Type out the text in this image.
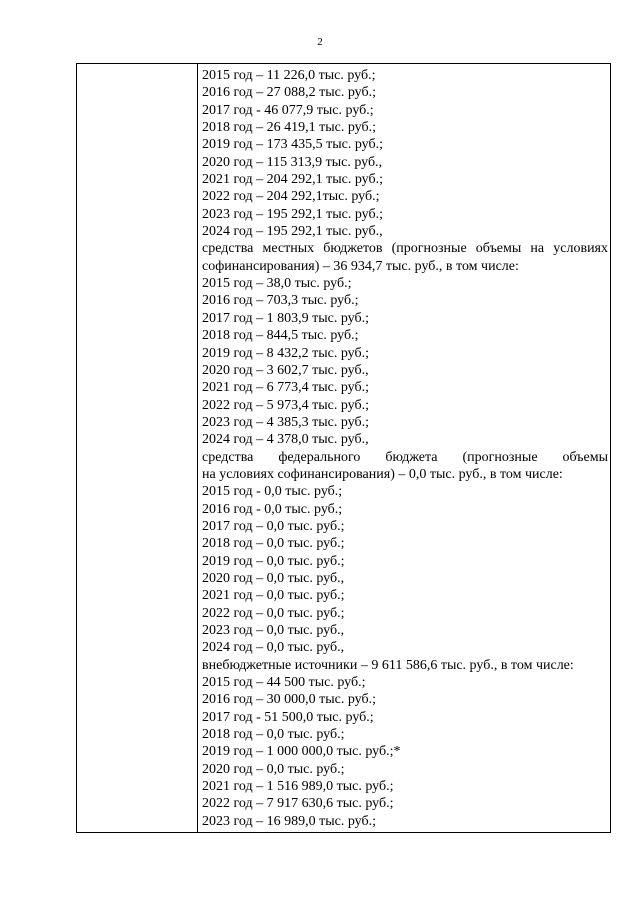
2
2015 год – 11 226,0 тыс. руб.;
2016 год – 27 088,2 тыс. руб.;
2017 год - 46 077,9 тыс. руб.;
2018 год – 26 419,1 тыс. руб.;
2019 год – 173 435,5 тыс. руб.;
2020 год – 115 313,9 тыс. руб.,
2021 год – 204 292,1 тыс. руб.;
2022 год – 204 292,1тыс. руб.;
2023 год – 195 292,1 тыс. руб.;
2024 год – 195 292,1 тыс. руб.,
средства местных бюджетов (прогнозные объемы на условиях
софинансирования) – 36 934,7 тыс. руб., в том числе:
2015 год – 38,0 тыс. руб.;
2016 год – 703,3 тыс. руб.;
2017 год – 1 803,9 тыс. руб.;
2018 год – 844,5 тыс. руб.;
2019 год – 8 432,2 тыс. руб.;
2020 год – 3 602,7 тыс. руб.,
2021 год – 6 773,4 тыс. руб.;
2022 год – 5 973,4 тыс. руб.;
2023 год – 4 385,3 тыс. руб.;
2024 год – 4 378,0 тыс. руб.,
средства федерального бюджета (прогнозные объемы
на условиях софинансирования) – 0,0 тыс. руб., в том числе:
2015 год - 0,0 тыс. руб.;
2016 год - 0,0 тыс. руб.;
2017 год – 0,0 тыс. руб.;
2018 год – 0,0 тыс. руб.;
2019 год – 0,0 тыс. руб.;
2020 год – 0,0 тыс. руб.,
2021 год – 0,0 тыс. руб.;
2022 год – 0,0 тыс. руб.;
2023 год – 0,0 тыс. руб.,
2024 год – 0,0 тыс. руб.,
внебюджетные источники – 9 611 586,6 тыс. руб., в том числе:
2015 год – 44 500 тыс. руб.;
2016 год – 30 000,0 тыс. руб.;
2017 год - 51 500,0 тыс. руб.;
2018 год – 0,0 тыс. руб.;
2019 год – 1 000 000,0 тыс. руб.;*
2020 год – 0,0 тыс. руб.;
2021 год – 1 516 989,0 тыс. руб.;
2022 год – 7 917 630,6 тыс. руб.;
2023 год – 16 989,0 тыс. руб.;
